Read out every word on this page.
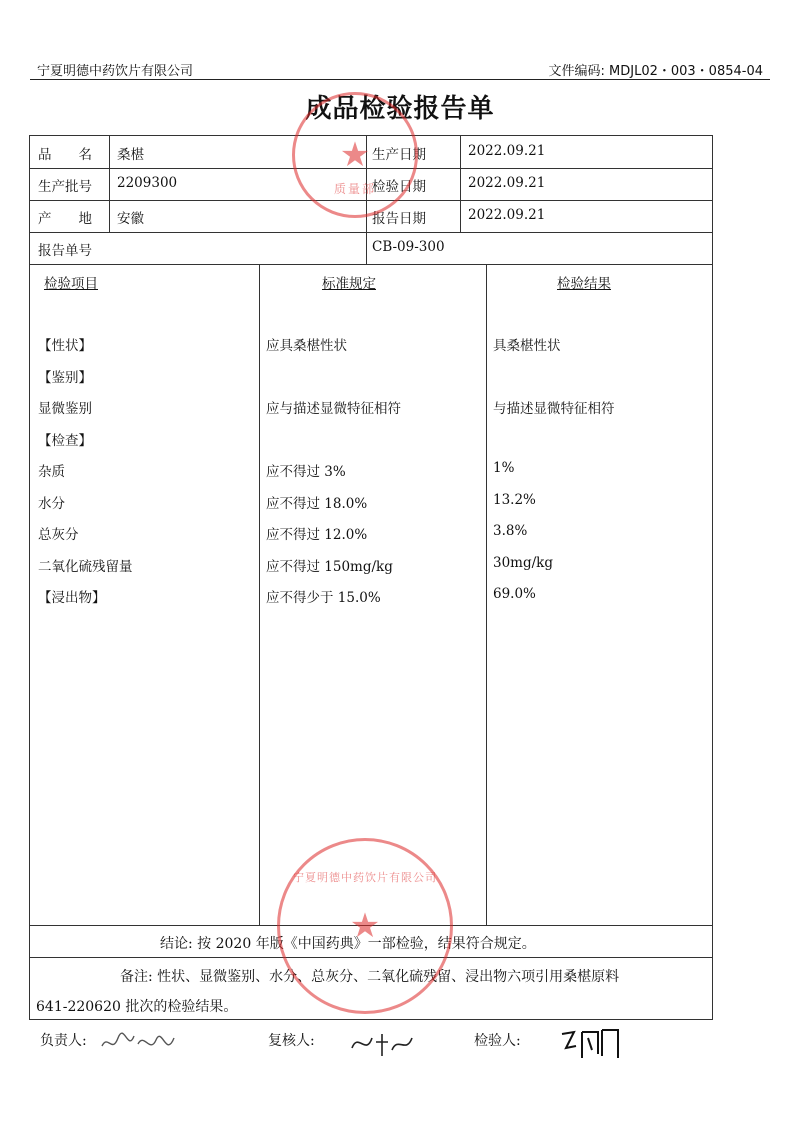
宁夏明德中药饮片有限公司	文件编码: MDJL02・003・0854-04
成品检验报告单
品　　名 桑椹	生产日期	2022.09.21
生产批号 2209300	检验日期	2022.09.21
产　　地 安徽	报告日期	2022.09.21
报告单号	CB-09-300
检验项目	标准规定	检验结果
【性状】	应具桑椹性状	具桑椹性状
【鉴别】
显微鉴别	应与描述显微特征相符	与描述显微特征相符
【检查】
杂质	应不得过 3%	1%
水分	应不得过 18.0%	13.2%
总灰分	应不得过 12.0%	3.8%
二氧化硫残留量	应不得过 150mg/kg	30mg/kg
【浸出物】	应不得少于 15.0%	69.0%
结论: 按 2020 年版《中国药典》一部检验，结果符合规定。
备注: 性状、显微鉴别、水分、总灰分、二氧化硫残留、浸出物六项引用桑椹原料
641-220620 批次的检验结果。
★
质量部
★
宁夏明德中药饮片有限公司
负责人:	复核人:	检验人:
